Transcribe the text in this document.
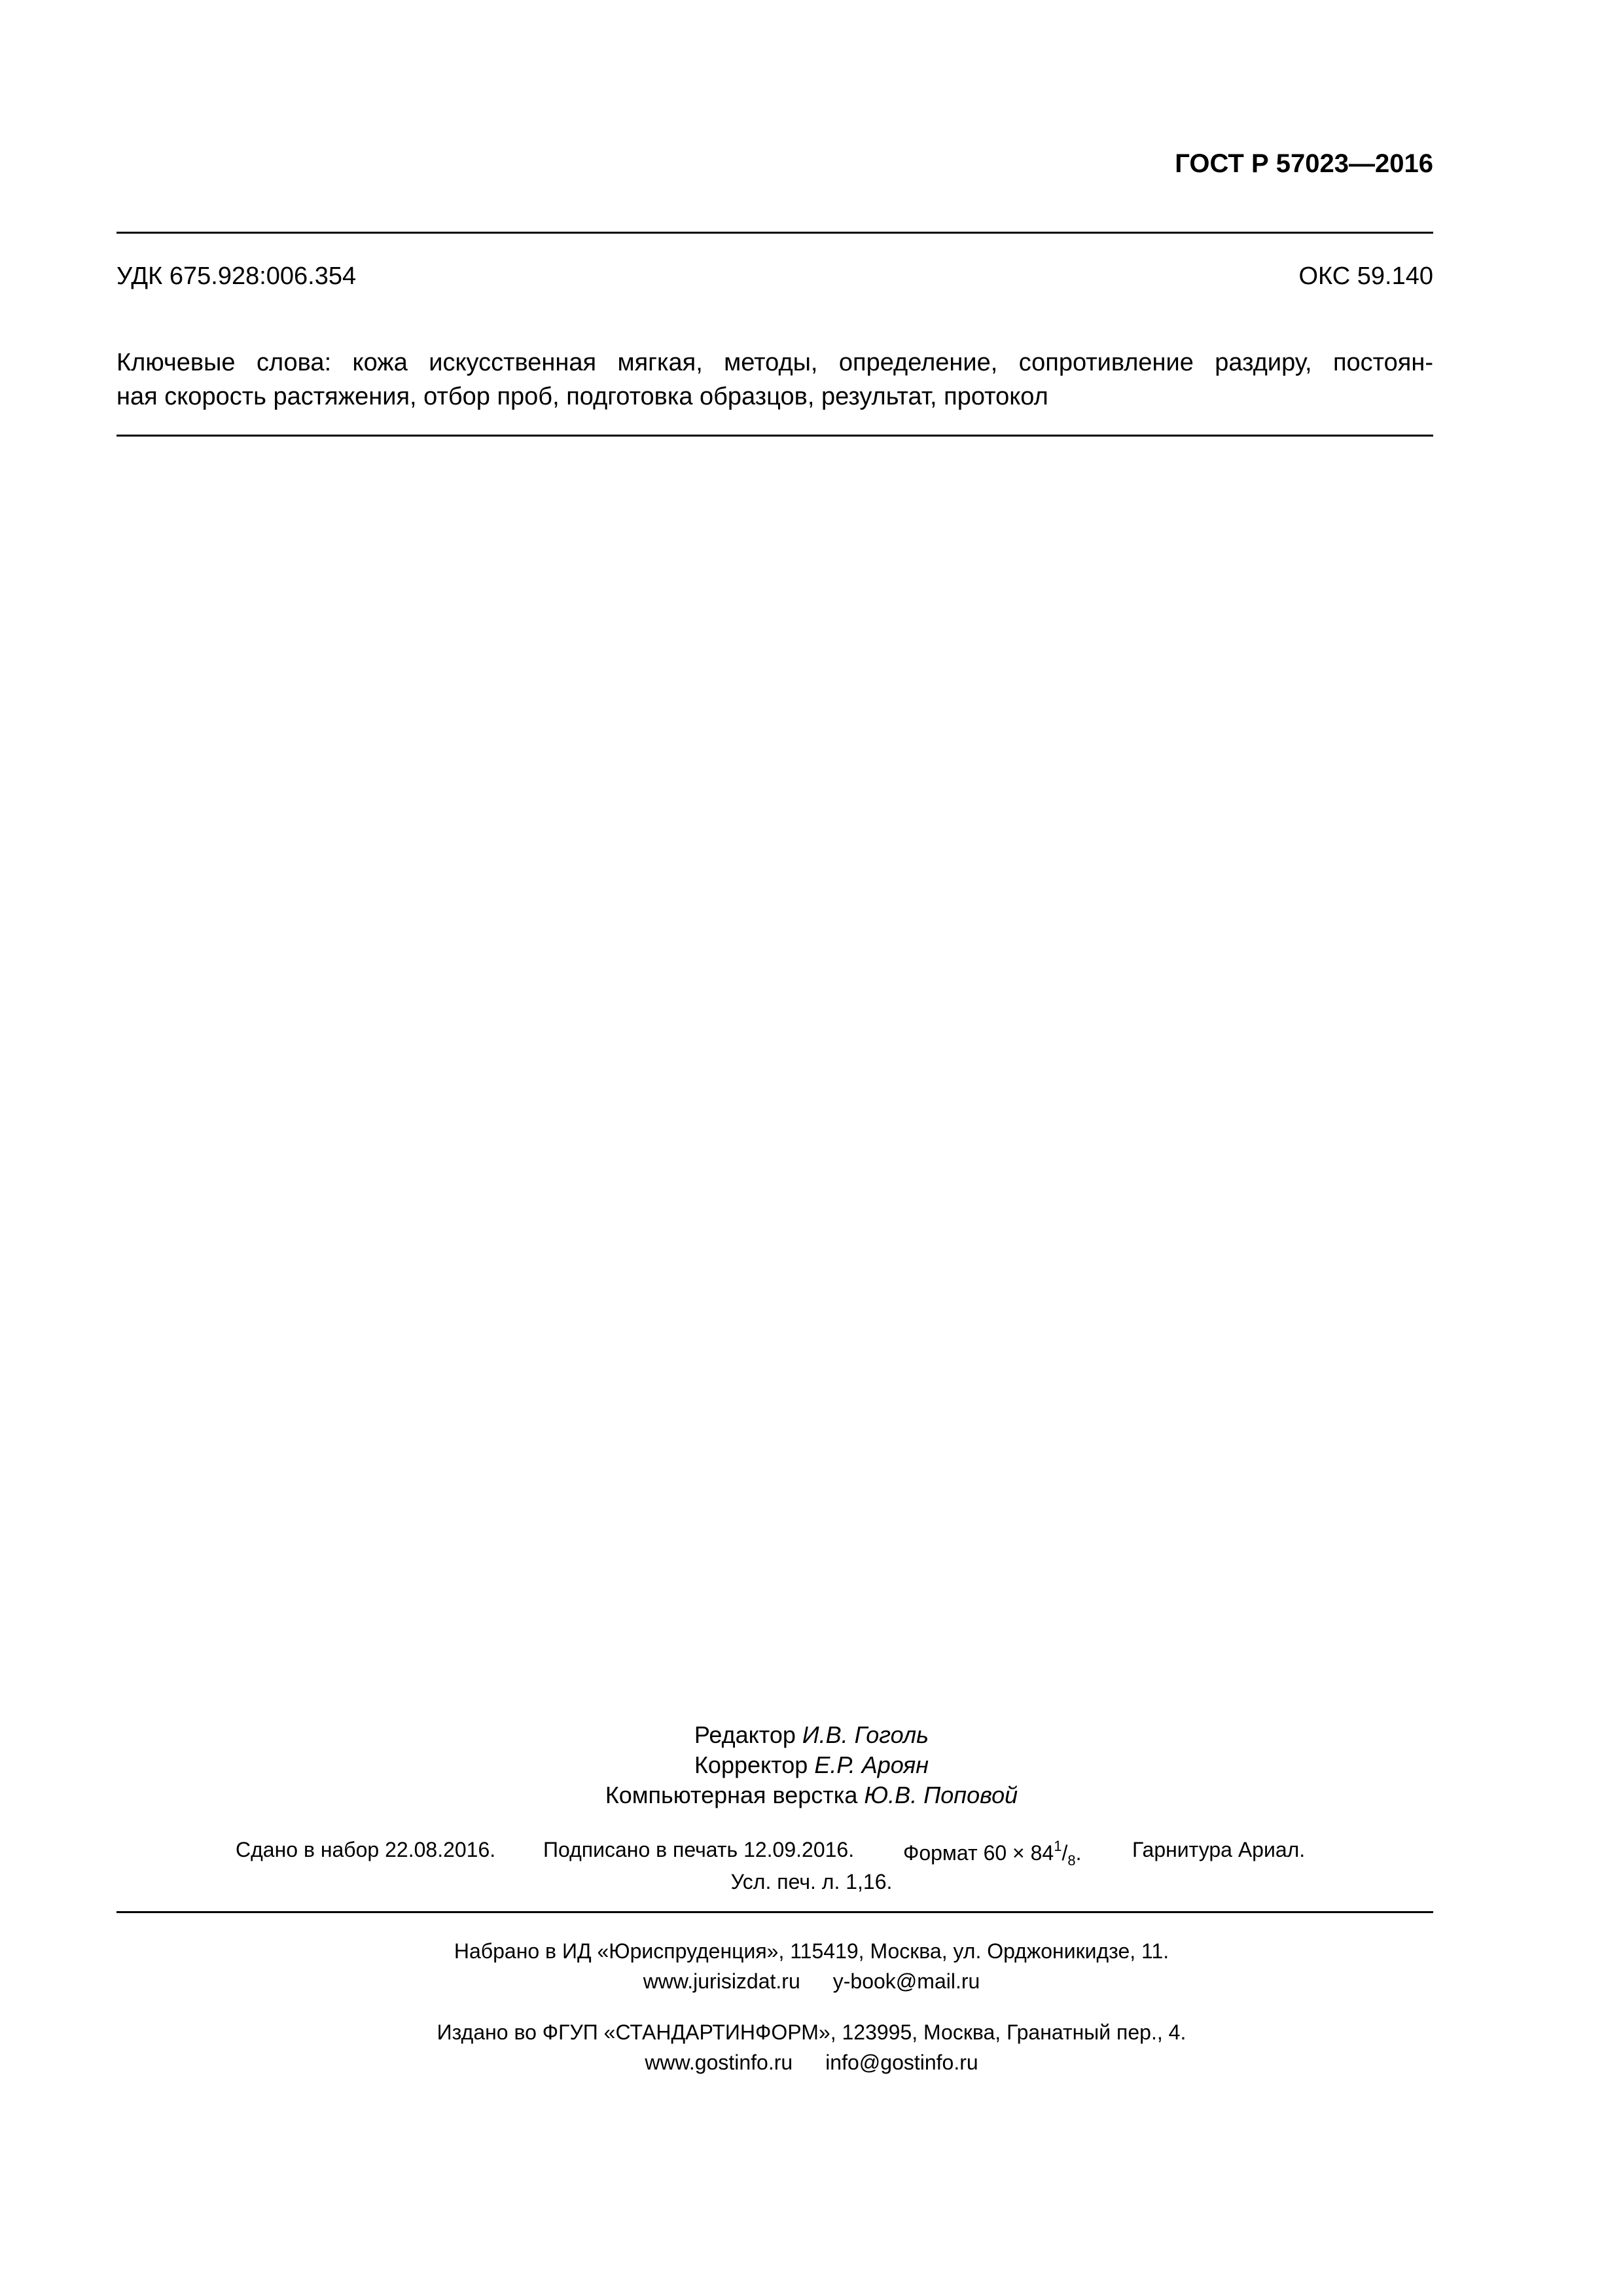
ГОСТ Р 57023—2016
УДК 675.928:006.354	ОКС 59.140
Ключевые слова: кожа искусственная мягкая, методы, определение, сопротивление раздиру, постоян-
ная скорость растяжения, отбор проб, подготовка образцов, результат, протокол
Редактор И.В. Гоголь
Корректор Е.Р. Ароян
Компьютерная верстка Ю.В. Поповой
Сдано в набор 22.08.2016. Подписано в печать 12.09.2016. Формат $60 \times 84^1/_8$. Гарнитура Ариал.
Усл. печ. л. 1,16.
Набрано в ИД «Юриспруденция», 115419, Москва, ул. Орджоникидзе, 11.
www.jurisizdat.ru y-book@mail.ru
Издано во ФГУП «СТАНДАРТИНФОРМ», 123995, Москва, Гранатный пер., 4.
www.gostinfo.ru info@gostinfo.ru
